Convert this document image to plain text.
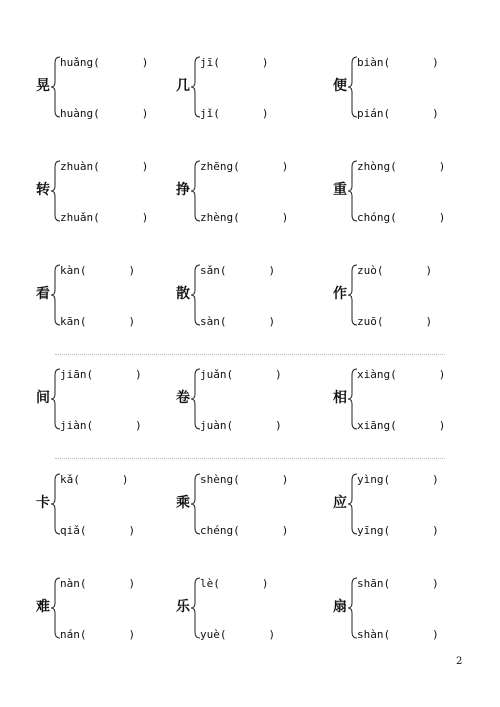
晃
huǎng(	)
huàng(	)
几
jī(	)
jǐ(	)
便
biàn(	)
pián(	)
转
zhuàn(	)
zhuǎn(	)
挣
zhēng(	)
zhèng(	)
重
zhòng(	)
chóng(	)
看
kàn(	)
kān(	)
散
sǎn(	)
sàn(	)
作
zuò(	)
zuō(	)
间
jiān(	)
jiàn(	)
卷
juǎn(	)
juàn(	)
相
xiàng(	)
xiāng(	)
卡
kǎ(	)
qiǎ(	)
乘
shèng(	)
chéng(	)
应
yìng(	)
yīng(	)
难
nàn(	)
nán(	)
乐
lè(	)
yuè(	)
扇
shān(	)
shàn(	)
2
